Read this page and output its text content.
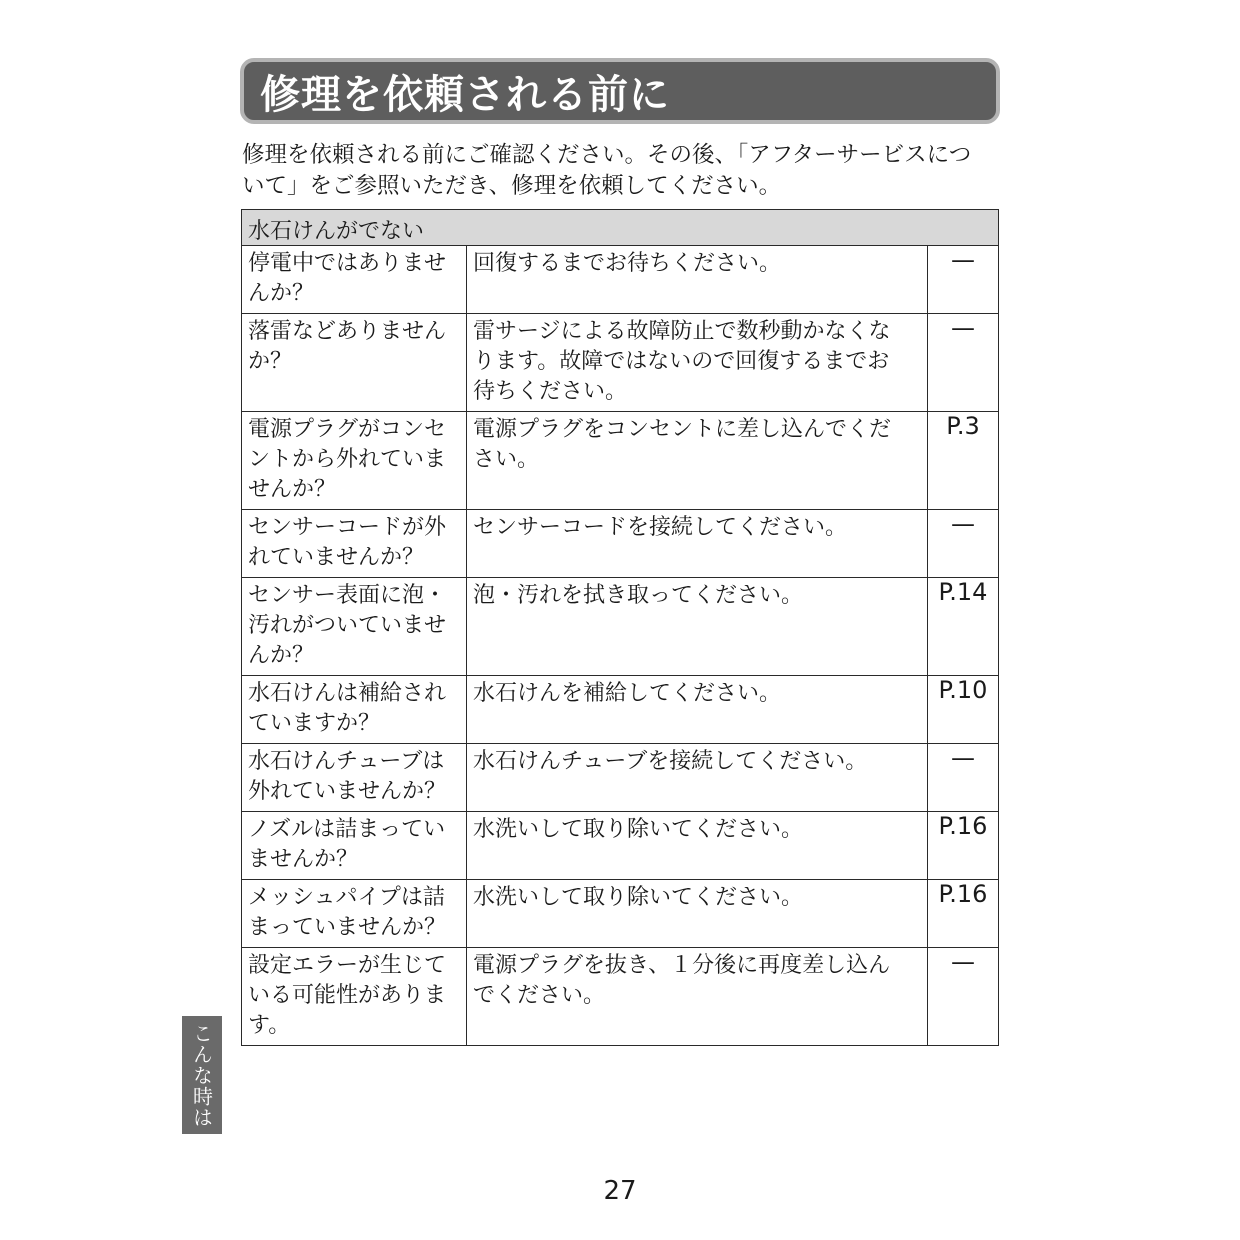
修理を依頼される前に

修理を依頼される前にご確認ください。その後、「アフターサービスにつ
いて」をご参照いただき、修理を依頼してください。

水石けんがでない		

停電中ではありませ
んか？	回復するまでお待ちください。	—

落雷などありません
か？	雷サージによる故障防止で数秒動かなくな
ります。故障ではないので回復するまでお
待ちください。	—

電源プラグがコンセ
ントから外れていま
せんか？	電源プラグをコンセントに差し込んでくだ
さい。	P.3

センサーコードが外
れていませんか？	センサーコードを接続してください。	—

センサー表面に泡・
汚れがついていませ
んか？	泡・汚れを拭き取ってください。	P.14

水石けんは補給され
ていますか？	水石けんを補給してください。	P.10

水石けんチューブは
外れていませんか？	水石けんチューブを接続してください。	—

ノズルは詰まってい
ませんか？	水洗いして取り除いてください。	P.16

メッシュパイプは詰
まっていませんか？	水洗いして取り除いてください。	P.16

設定エラーが生じて
いる可能性がありま
す。	電源プラグを抜き、１分後に再度差し込ん
でください。	—
こんな時は
27
